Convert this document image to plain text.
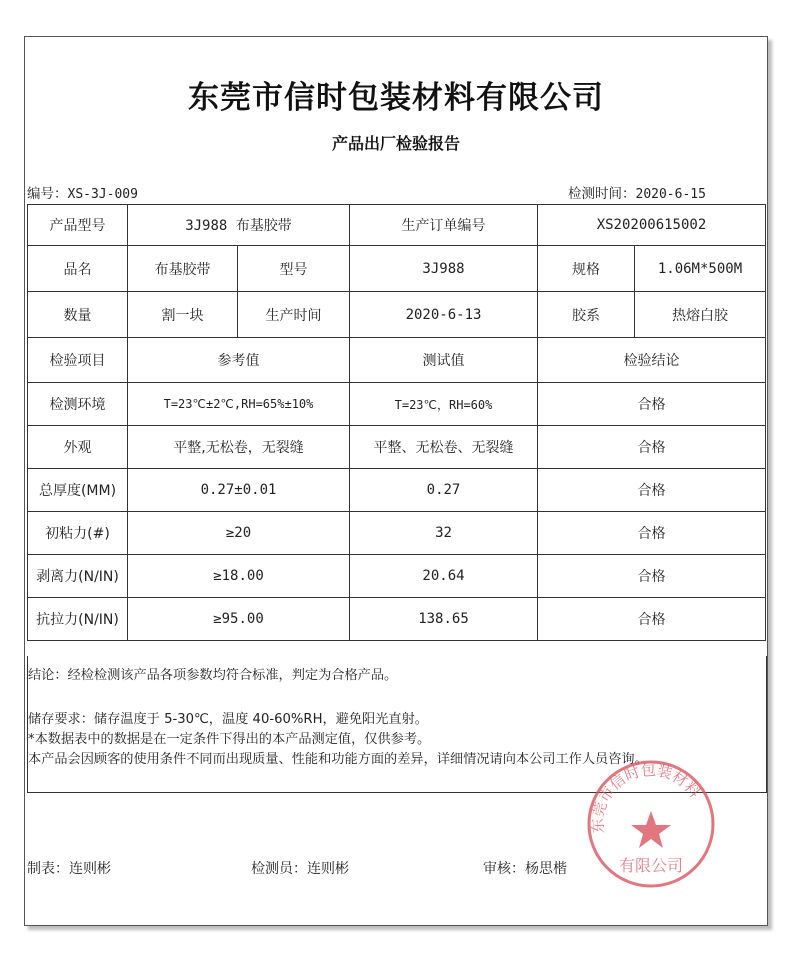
东莞市信时包装材料有限公司
产品出厂检验报告
编号：XS-3J-009	检测时间：2020-6-15
产品型号	3J988 布基胶带		生产订单编号	XS20200615002	
品名	布基胶带	型号	3J988	规格	1.06M*500M
数量	割一块	生产时间	2020-6-13	胶系	热熔白胶
检验项目	参考值		测试值	检验结论	
检测环境	T=23℃±2℃,RH=65%±10%		T=23℃，RH=60%	合格	
外观	平整,无松卷，无裂缝		平整、无松卷、无裂缝	合格	
总厚度(MM)	0.27±0.01		0.27	合格	
初粘力(#)	≥20		32	合格	
剥离力(N/IN)	≥18.00		20.64	合格	
抗拉力(N/IN)	≥95.00		138.65	合格	
结论：经检检测该产品各项参数均符合标准，判定为合格产品。
储存要求：储存温度于 5-30℃，温度 40-60%RH，避免阳光直射。
*本数据表中的数据是在一定条件下得出的本产品测定值，仅供参考。
本产品会因顾客的使用条件不同而出现质量、性能和功能方面的差异，详细情况请向本公司工作人员咨询。
制表：连则彬	检测员：连则彬	审核：杨思楷
东莞市信时包装材料
有限公司
